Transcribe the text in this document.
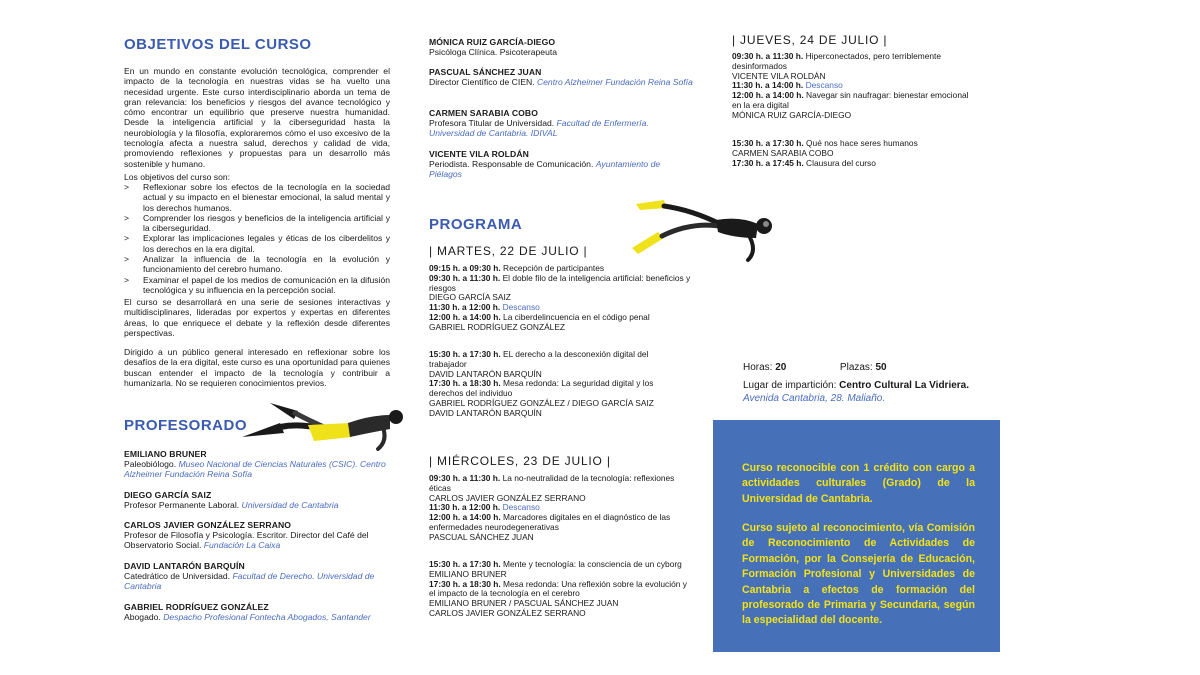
OBJETIVOS DEL CURSO

En un mundo en constante evolución tecnológica, comprender el impacto de la tecnología en nuestras vidas se ha vuelto una necesidad urgente. Este curso interdisciplinario aborda un tema de gran relevancia: los beneficios y riesgos del avance tecnológico y cómo encontrar un equilibrio que preserve nuestra humanidad. Desde la inteligencia artificial y la ciberseguridad hasta la neurobiología y la filosofía, exploraremos cómo el uso excesivo de la tecnología afecta a nuestra salud, derechos y calidad de vida, promoviendo reflexiones y propuestas para un desarrollo más sostenible y humano.

Los objetivos del curso son:

> Reflexionar sobre los efectos de la tecnología en la sociedad actual y su impacto en el bienestar emocional, la salud mental y los derechos humanos.
> Comprender los riesgos y beneficios de la inteligencia artificial y la ciberseguridad.
> Explorar las implicaciones legales y éticas de los ciberdelitos y los derechos en la era digital.
> Analizar la influencia de la tecnología en la evolución y funcionamiento del cerebro humano.
> Examinar el papel de los medios de comunicación en la difusión tecnológica y su influencia en la percepción social.

El curso se desarrollará en una serie de sesiones interactivas y multidisciplinares, lideradas por expertos y expertas en diferentes áreas, lo que enriquece el debate y la reflexión desde diferentes perspectivas.

Dirigido a un público general interesado en reflexionar sobre los desafíos de la era digital, este curso es una oportunidad para quienes buscan entender el impacto de la tecnología y contribuir a humanizarla. No se requieren conocimientos previos.

PROFESORADO
EMILIANO BRUNER
Paleobiólogo. Museo Nacional de Ciencias Naturales (CSIC). Centro Alzheimer Fundación Reina Sofía
DIEGO GARCÍA SAIZ
Profesor Permanente Laboral. Universidad de Cantabria
CARLOS JAVIER GONZÁLEZ SERRANO
Profesor de Filosofía y Psicología. Escritor. Director del Café del Observatorio Social. Fundación La Caixa
DAVID LANTARÓN BARQUÍN
Catedrático de Universidad. Facultad de Derecho. Universidad de Cantabria
GABRIEL RODRÍGUEZ GONZÁLEZ
Abogado. Despacho Profesional Fontecha Abogados, Santander
MÓNICA RUIZ GARCÍA-DIEGO
Psicóloga Clínica. Psicoterapeuta
PASCUAL SÁNCHEZ JUAN
Director Científico de CIEN. Centro Alzheimer Fundación Reina Sofía
CARMEN SARABIA COBO
Profesora Titular de Universidad. Facultad de Enfermería. Universidad de Cantabria. IDIVAL
VICENTE VILA ROLDÁN
Periodista. Responsable de Comunicación. Ayuntamiento de Piélagos
PROGRAMA
| MARTES, 22 DE JULIO |

09:15 h. a 09:30 h. Recepción de participantes

09:30 h. a 11:30 h. El doble filo de la inteligencia artificial: beneficios y riesgos

DIEGO GARCÍA SAIZ

11:30 h. a 12:00 h. Descanso

12:00 h. a 14:00 h. La ciberdelincuencia en el código penal

GABRIEL RODRÍGUEZ GONZÁLEZ

15:30 h. a 17:30 h. EL derecho a la desconexión digital del trabajador

DAVID LANTARÓN BARQUÍN

17:30 h. a 18:30 h. Mesa redonda: La seguridad digital y los derechos del individuo

GABRIEL RODRÍGUEZ GONZÁLEZ / DIEGO GARCÍA SAIZ

DAVID LANTARÓN BARQUÍN

| MIÉRCOLES, 23 DE JULIO |

09:30 h. a 11:30 h. La no-neutralidad de la tecnología: reflexiones éticas

CARLOS JAVIER GONZÁLEZ SERRANO

11:30 h. a 12:00 h. Descanso

12:00 h. a 14:00 h. Marcadores digitales en el diagnóstico de las enfermedades neurodegenerativas

PASCUAL SÁNCHEZ JUAN

15:30 h. a 17:30 h. Mente y tecnología: la consciencia de un cyborg

EMILIANO BRUNER

17:30 h. a 18:30 h. Mesa redonda: Una reflexión sobre la evolución y el impacto de la tecnología en el cerebro

EMILIANO BRUNER / PASCUAL SÁNCHEZ JUAN

CARLOS JAVIER GONZÁLEZ SERRANO

| JUEVES, 24 DE JULIO |

09:30 h. a 11:30 h. Hiperconectados, pero terriblemente desinformados

VICENTE VILA ROLDÁN

11:30 h. a 14:00 h. Descanso

12:00 h. a 14:00 h. Navegar sin naufragar: bienestar emocional en la era digital

MÓNICA RUIZ GARCÍA-DIEGO

15:30 h. a 17:30 h. Qué nos hace seres humanos

CARMEN SARABIA COBO

17:30 h. a 17:45 h. Clausura del curso

Horas: 20	Plazas: 50
Lugar de impartición: Centro Cultural La Vidriera.
Avenida Cantabria, 28. Maliaño.

Curso reconocible con 1 crédito con cargo a actividades culturales (Grado) de la Universidad de Cantabria.

Curso sujeto al reconocimiento, vía Comisión de Reconocimiento de Actividades de Formación, por la Consejería de Educación, Formación Profesional y Universidades de Cantabria a efectos de formación del profesorado de Primaria y Secundaria, según la especialidad del docente.
